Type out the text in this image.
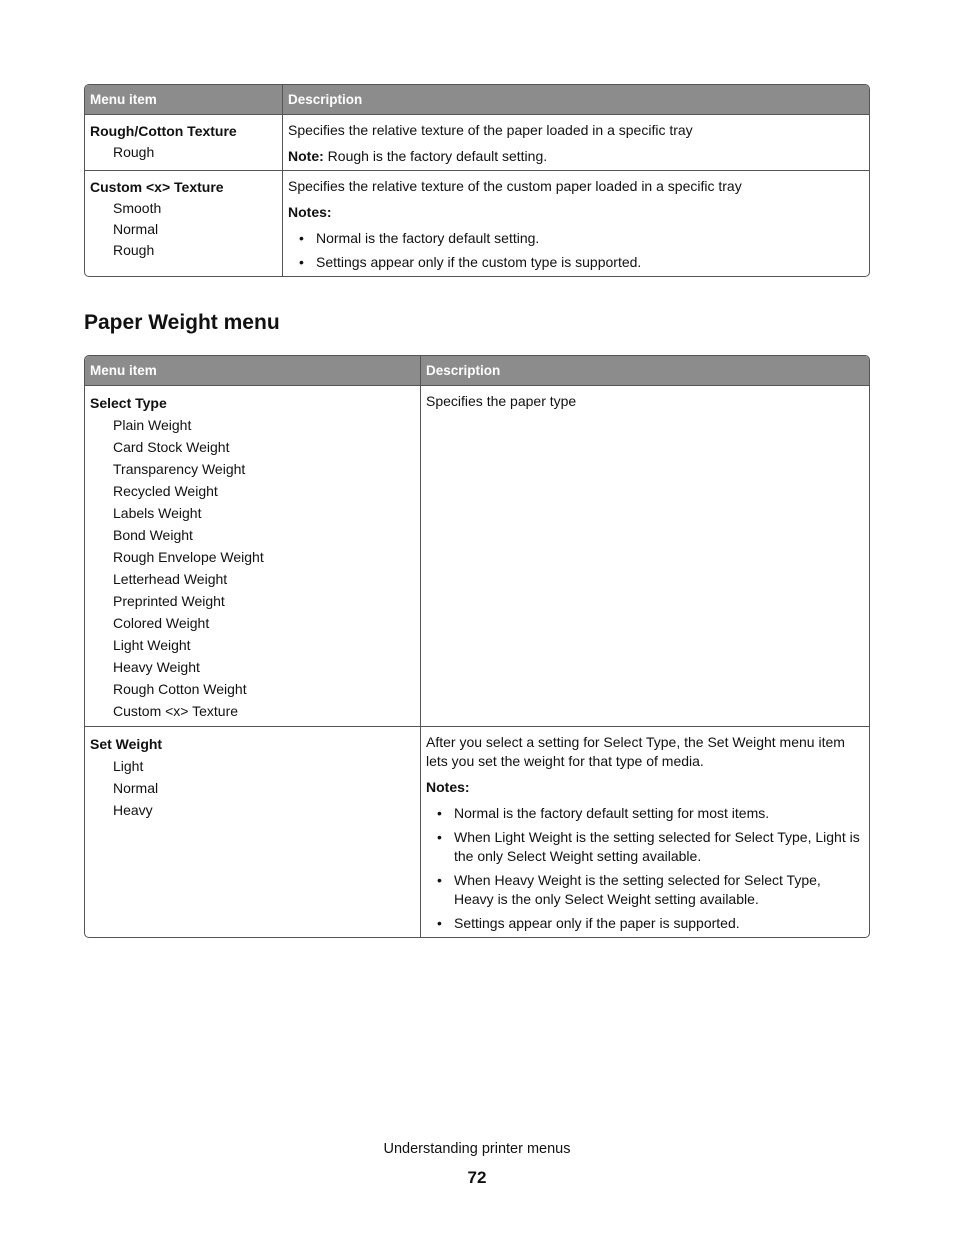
Menu item	Description
Rough/Cotton Texture
Rough

Specifies the relative texture of the paper loaded in a specific tray

Note: Rough is the factory default setting.

Custom <x> Texture
Smooth
Normal
Rough

Specifies the relative texture of the custom paper loaded in a specific tray

Notes:

• Normal is the factory default setting.
• Settings appear only if the custom type is supported.
Paper Weight menu
Menu item	Description
Select Type
Plain Weight
Card Stock Weight
Transparency Weight
Recycled Weight
Labels Weight
Bond Weight
Rough Envelope Weight
Letterhead Weight
Preprinted Weight
Colored Weight
Light Weight
Heavy Weight
Rough Cotton Weight
Custom <x> Texture

Specifies the paper type

Set Weight
Light
Normal
Heavy

After you select a setting for Select Type, the Set Weight menu item lets you set the weight for that type of media.

Notes:

• Normal is the factory default setting for most items.
• When Light Weight is the setting selected for Select Type, Light is the only Select Weight setting available.
• When Heavy Weight is the setting selected for Select Type, Heavy is the only Select Weight setting available.
• Settings appear only if the paper is supported.
Understanding printer menus
72
